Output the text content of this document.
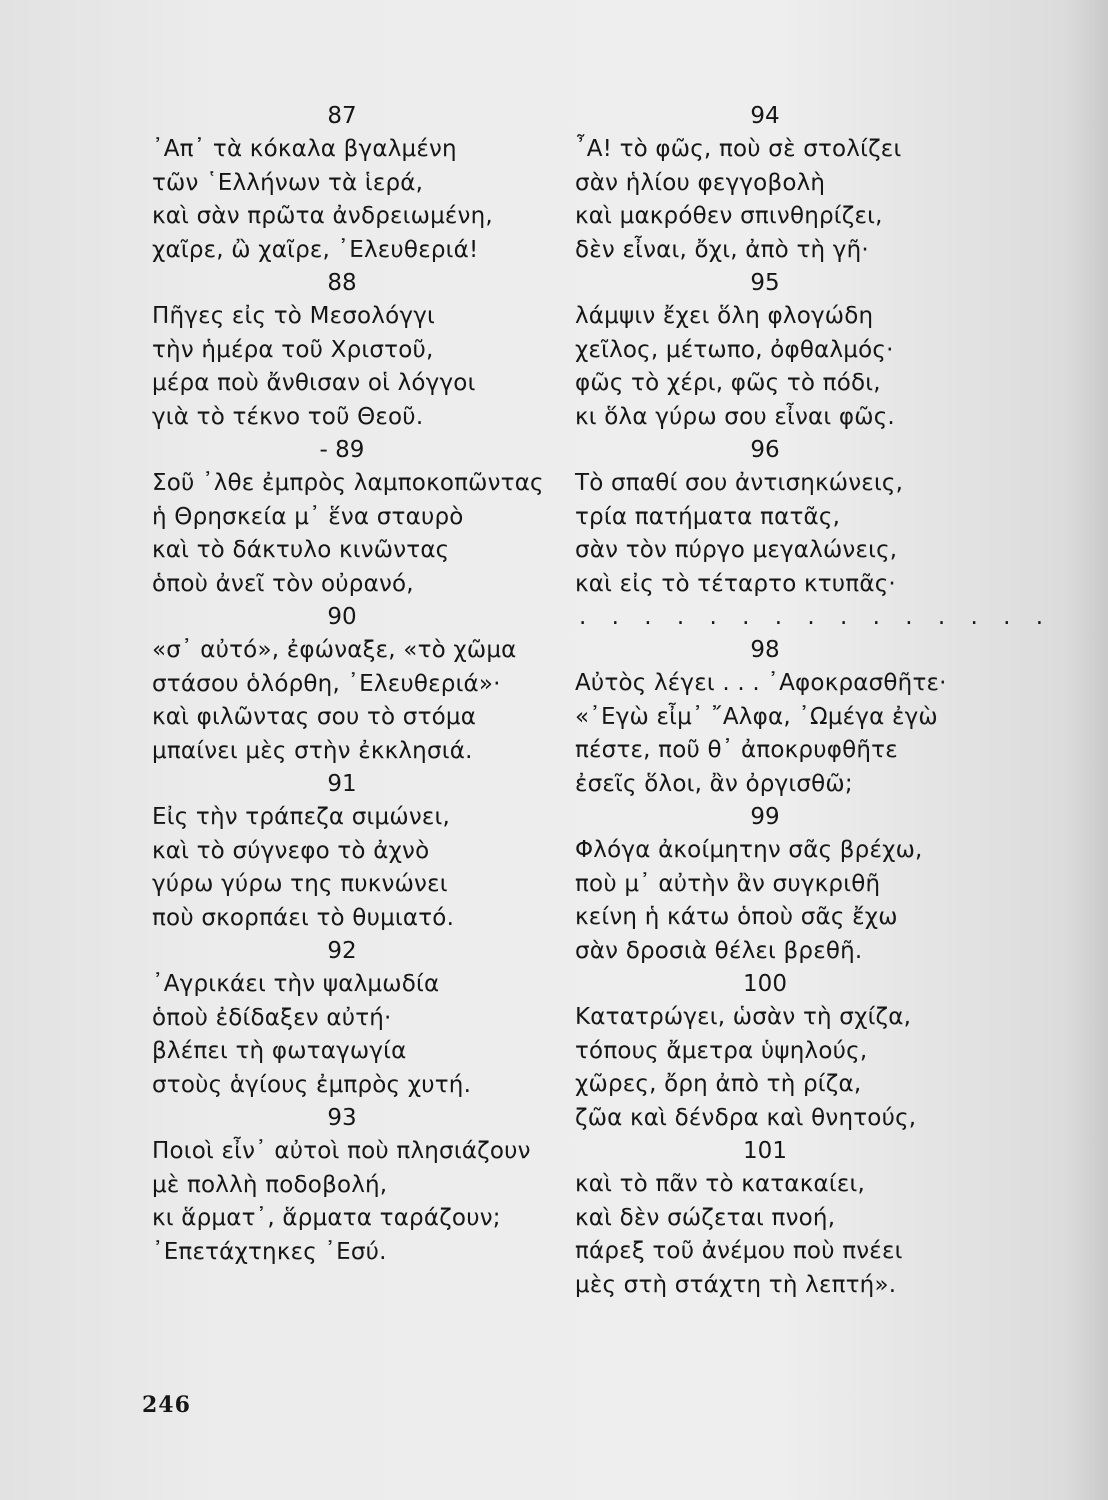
87
᾿Απ᾿ τὰ κόκαλα βγαλμένη
τῶν ῾Ελλήνων τὰ ἱερά,
καὶ σὰν πρῶτα ἀνδρειωμένη,
χαῖρε, ὢ χαῖρε, ᾿Ελευθεριά!
88
Πῆγες εἰς τὸ Μεσολόγγι
τὴν ἡμέρα τοῦ Χριστοῦ,
μέρα ποὺ ἄνθισαν οἱ λόγγοι
γιὰ τὸ τέκνο τοῦ Θεοῦ.
- 89
Σοῦ ᾿λθε ἐμπρὸς λαμποκοπῶντας
ἡ Θρησκεία μ᾿ ἕνα σταυρὸ
καὶ τὸ δάκτυλο κινῶντας
ὁποὺ ἀνεῖ τὸν οὐρανό,
90
«σ᾿ αὐτό», ἐφώναξε, «τὸ χῶμα
στάσου ὁλόρθη, ᾿Ελευθεριά»·
καὶ φιλῶντας σου τὸ στόμα
μπαίνει μὲς στὴν ἐκκλησιά.
91
Εἰς τὴν τράπεζα σιμώνει,
καὶ τὸ σύγνεφο τὸ ἀχνὸ
γύρω γύρω της πυκνώνει
ποὺ σκορπάει τὸ θυμιατό.
92
᾿Αγρικάει τὴν ψαλμωδία
ὁποὺ ἐδίδαξεν αὐτή·
βλέπει τὴ φωταγωγία
στοὺς ἁγίους ἐμπρὸς χυτή.
93
Ποιοὶ εἶν᾿ αὐτοὶ ποὺ πλησιάζουν
μὲ πολλὴ ποδοβολή,
κι ἅρματ᾿, ἅρματα ταράζουν;
᾿Επετάχτηκες ᾿Εσύ.
94
῏Α! τὸ φῶς, ποὺ σὲ στολίζει
σὰν ἡλίου φεγγοβολὴ
καὶ μακρόθεν σπινθηρίζει,
δὲν εἶναι, ὄχι, ἀπὸ τὴ γῆ·
95
λάμψιν ἔχει ὅλη φλογώδη
χεῖλος, μέτωπο, ὀφθαλμός·
φῶς τὸ χέρι, φῶς τὸ πόδι,
κι ὅλα γύρω σου εἶναι φῶς.
96
Τὸ σπαθί σου ἀντισηκώνεις,
τρία πατήματα πατᾶς,
σὰν τὸν πύργο μεγαλώνεις,
καὶ εἰς τὸ τέταρτο κτυπᾶς·
. . . . . . . . . . . . . . .
98
Αὐτὸς λέγει . . . ᾿Αφοκρασθῆτε·
«᾿Εγὼ εἶμ᾿ ῎Αλφα, ᾿Ωμέγα ἐγὼ
πέστε, ποῦ θ᾿ ἀποκρυφθῆτε
ἐσεῖς ὅλοι, ἂν ὀργισθῶ;
99
Φλόγα ἀκοίμητην σᾶς βρέχω,
ποὺ μ᾿ αὐτὴν ἂν συγκριθῆ
κείνη ἡ κάτω ὁποὺ σᾶς ἔχω
σὰν δροσιὰ θέλει βρεθῆ.
100
Κατατρώγει, ὡσὰν τὴ σχίζα,
τόπους ἄμετρα ὑψηλούς,
χῶρες, ὄρη ἀπὸ τὴ ρίζα,
ζῶα καὶ δένδρα καὶ θνητούς,
101
καὶ τὸ πᾶν τὸ κατακαίει,
καὶ δὲν σώζεται πνοή,
πάρεξ τοῦ ἀνέμου ποὺ πνέει
μὲς στὴ στάχτη τὴ λεπτή».
246
